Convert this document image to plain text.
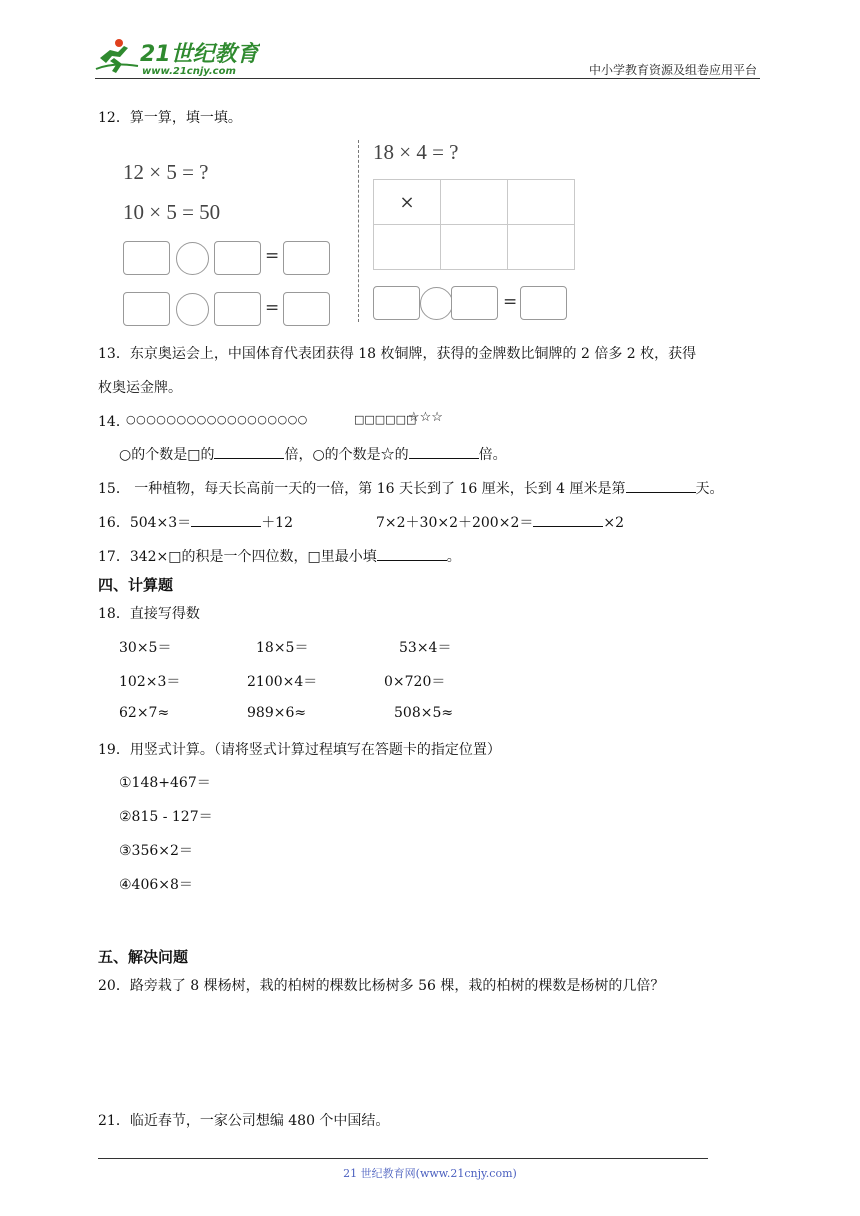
21世纪教育
www.21cnjy.com	中小学教育资源及组卷应用平台
12．算一算，填一填。
12 × 5 = ?
10 × 5 = 50
=
=
18 × 4 = ?
×		

=
13．东京奥运会上，中国体育代表团获得 18 枚铜牌，获得的金牌数比铜牌的 2 倍多 2 枚，获得
枚奥运金牌。
14．
○○○○○○○○○○○○○○○○○○	□□□□□□
☆☆☆
○的个数是□的	倍，○的个数是☆的	倍。
15． 一种植物，每天长高前一天的一倍，第 16 天长到了 16 厘米，长到 4 厘米是第	天。
16．504×3＝	＋12	7×2＋30×2＋200×2＝	×2
17．342×□的积是一个四位数，□里最小填	。
四、计算题
18．直接写得数
30×5＝	18×5＝	53×4＝
102×3＝	2100×4＝	0×720＝
62×7≈	989×6≈	508×5≈
19．用竖式计算。（请将竖式计算过程填写在答题卡的指定位置）
①148+467＝
②815 - 127＝
③356×2＝
④406×8＝
五、解决问题
20．路旁栽了 8 棵杨树，栽的柏树的棵数比杨树多 56 棵，栽的柏树的棵数是杨树的几倍？
21．临近春节，一家公司想编 480 个中国结。
21 世纪教育网(www.21cnjy.com)
